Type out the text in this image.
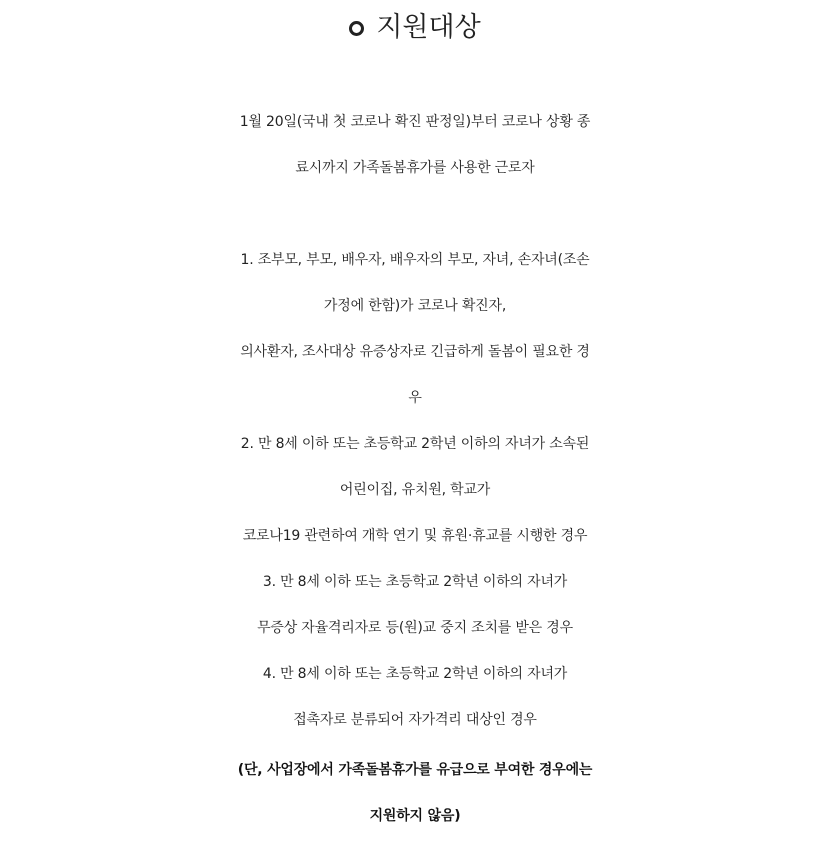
지원대상
1월 20일(국내 첫 코로나 확진 판정일)부터 코로나 상황 종
료시까지 가족돌봄휴가를 사용한 근로자
1. 조부모, 부모, 배우자, 배우자의 부모, 자녀, 손자녀(조손
가정에 한함)가 코로나 확진자,
의사환자, 조사대상 유증상자로 긴급하게 돌봄이 필요한 경
우
2. 만 8세 이하 또는 초등학교 2학년 이하의 자녀가 소속된
어린이집, 유치원, 학교가
코로나19 관련하여 개학 연기 및 휴원·휴교를 시행한 경우
3. 만 8세 이하 또는 초등학교 2학년 이하의 자녀가
무증상 자율격리자로 등(원)교 중지 조치를 받은 경우
4. 만 8세 이하 또는 초등학교 2학년 이하의 자녀가
접촉자로 분류되어 자가격리 대상인 경우
(단, 사업장에서 가족돌봄휴가를 유급으로 부여한 경우에는
지원하지 않음)
